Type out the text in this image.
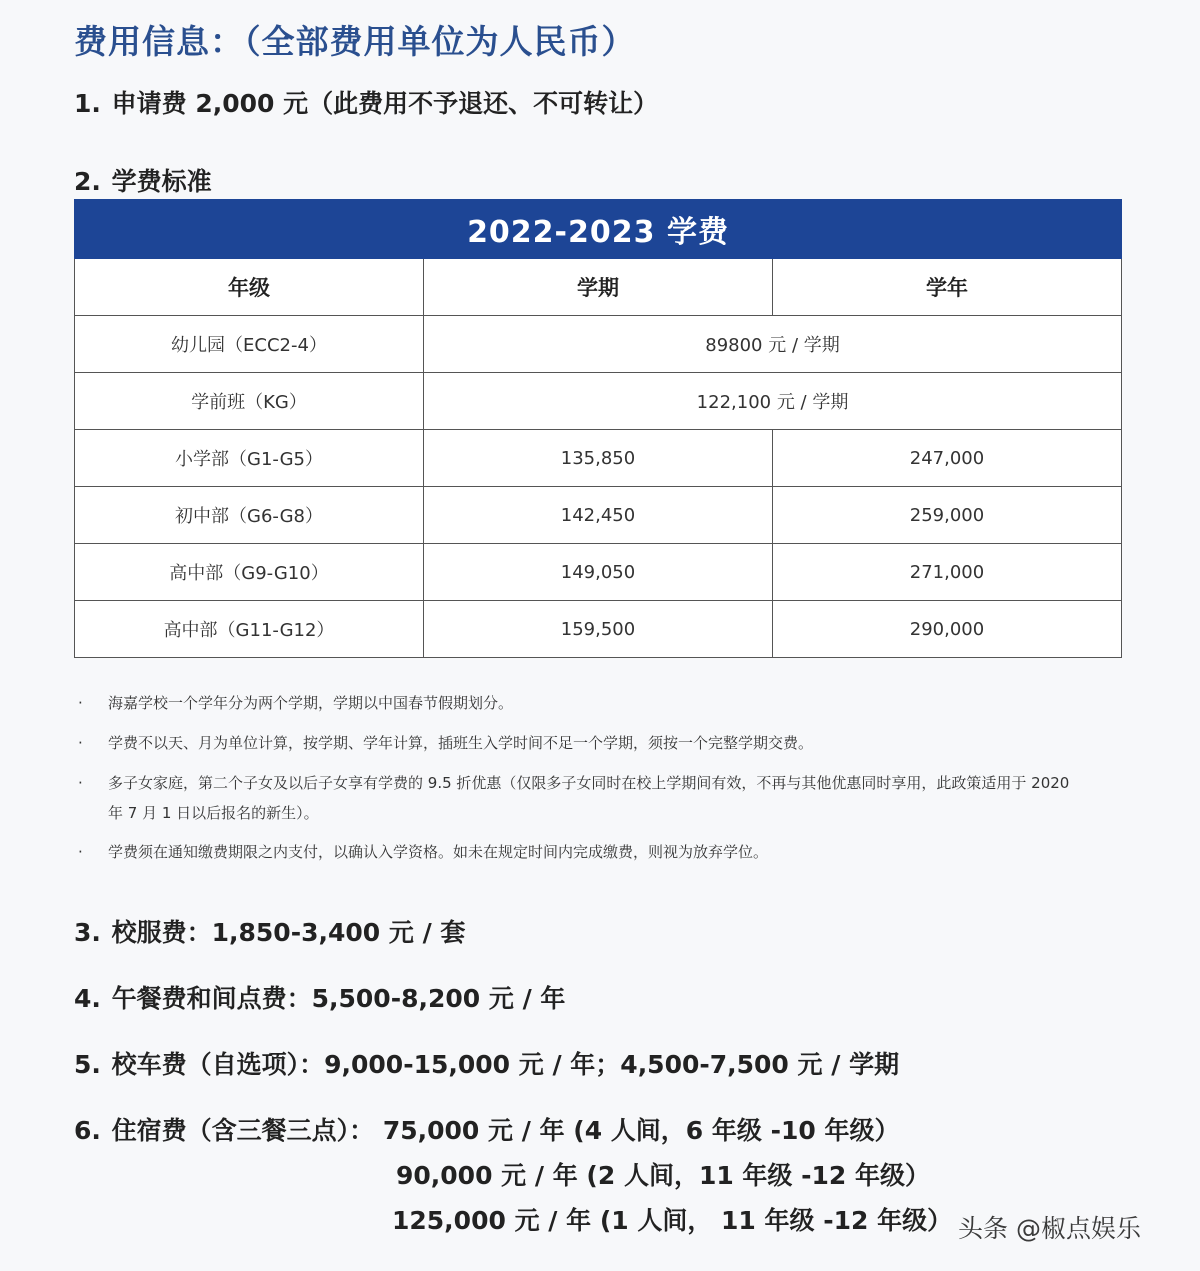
费用信息：（全部费用单位为人民币）

1. 申请费 2,000 元（此费用不予退还、不可转让）

2. 学费标准

2022-2023 学费		
年级	学期	学年
幼儿园（ECC2-4）	89800 元 / 学期	
学前班（KG）	122,100 元 / 学期	
小学部（G1-G5）	135,850	247,000
初中部（G6-G8）	142,450	259,000
高中部（G9-G10）	149,050	271,000
高中部（G11-G12）	159,500	290,000
· 海嘉学校一个学年分为两个学期，学期以中国春节假期划分。
· 学费不以天、月为单位计算，按学期、学年计算，插班生入学时间不足一个学期，须按一个完整学期交费。
· 多子女家庭，第二个子女及以后子女享有学费的 9.5 折优惠（仅限多子女同时在校上学期间有效，不再与其他优惠同时享用，此政策适用于 2020 年 7 月 1 日以后报名的新生）。
· 学费须在通知缴费期限之内支付，以确认入学资格。如未在规定时间内完成缴费，则视为放弃学位。

3. 校服费：1,850-3,400 元 / 套

4. 午餐费和间点费：5,500-8,200 元 / 年

5. 校车费（自选项）：9,000-15,000 元 / 年；4,500-7,500 元 / 学期

6. 住宿费（含三餐三点）： 75,000 元 / 年 (4 人间，6 年级 -10 年级）

90,000 元 / 年 (2 人间，11 年级 -12 年级）
125,000 元 / 年 (1 人间， 11 年级 -12 年级） 头条 @椒点娱乐
